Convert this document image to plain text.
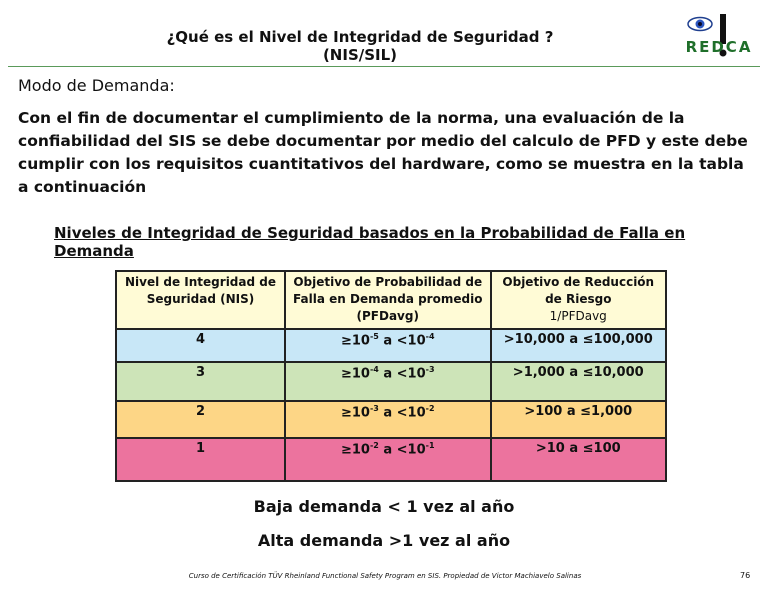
¿Qué es el Nivel de Integridad de Seguridad ? (NIS/SIL)	REDCA
Modo de Demanda:
Con el fin de documentar el cumplimiento de la norma, una evaluación de la confiabilidad del SIS se debe documentar por medio del calculo de PFD y este debe cumplir con los requisitos cuantitativos del hardware, como se muestra en la tabla a continuación
Niveles de Integridad de Seguridad basados en la Probabilidad de Falla en Demanda
Nivel de Integridad de Seguridad (NIS)	Objetivo de Probabilidad de Falla en Demanda promedio (PFDavg)	Objetivo de Reducción de Riesgo
1/PFDavg
4	$\ge 10^{-5}$ $a <10^{-4}$	>10,000 a ≤100,000
3	$\ge 10^{-4}$ $a <10^{-3}$	>1,000 a ≤10,000
2	$\ge 10^{-3}$ $a <10^{-2}$	>100 a ≤1,000
1	$\ge 10^{-2}$ $a <10^{-1}$	>10 a ≤100
Baja demanda < 1 vez al año
Alta demanda >1 vez al año
Curso de Certificación TÜV Rheinland Functional Safety Program en SIS. Propiedad de Victor Machiavelo Salinas	76
